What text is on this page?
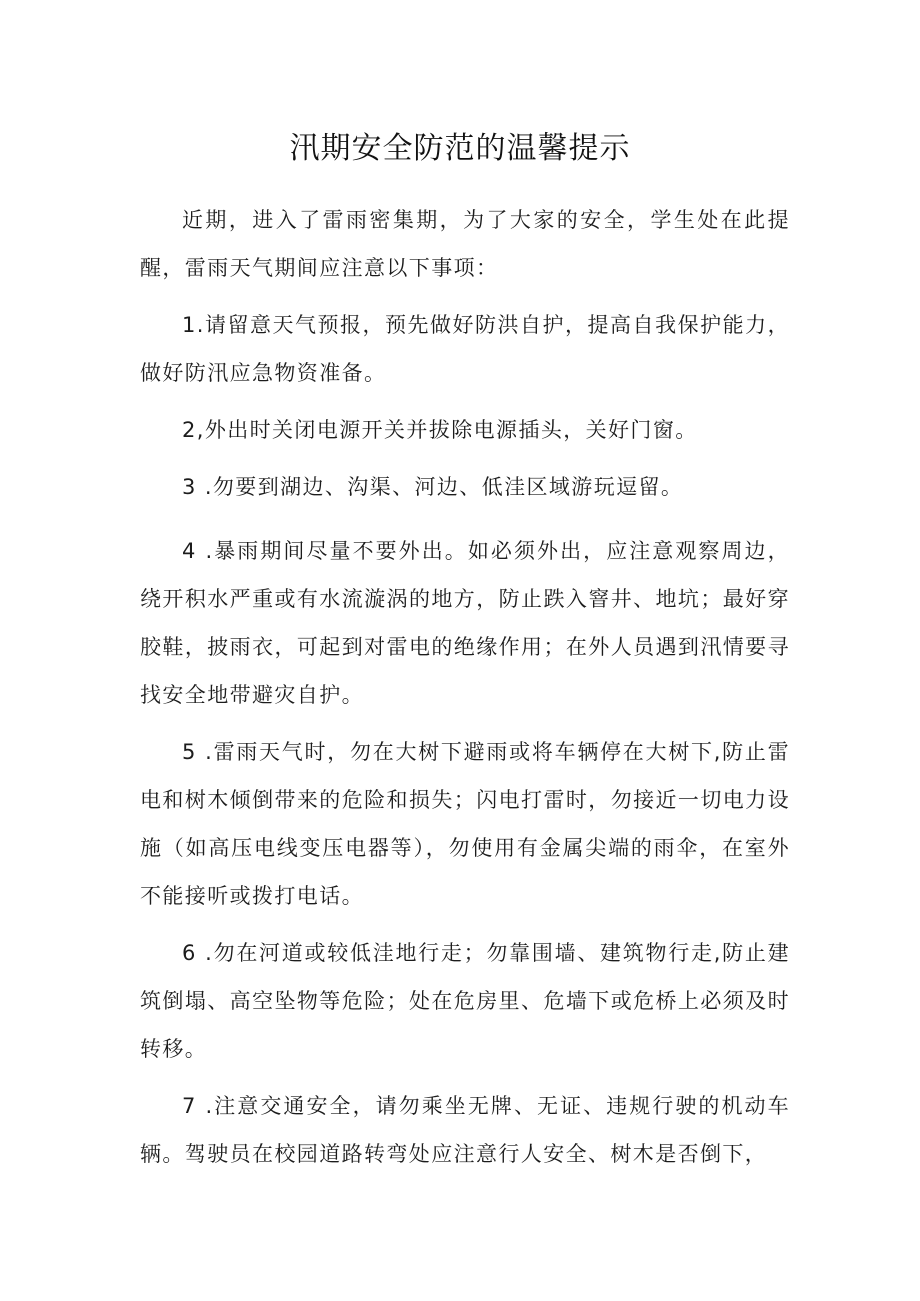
汛期安全防范的温馨提示

近期，进入了雷雨密集期，为了大家的安全，学生处在此提醒，雷雨天气期间应注意以下事项：

1.请留意天气预报，预先做好防洪自护，提高自我保护能力，做好防汛应急物资准备。

2,外出时关闭电源开关并拔除电源插头，关好门窗。

3 .勿要到湖边、沟渠、河边、低洼区域游玩逗留。

4 .暴雨期间尽量不要外出。如必须外出，应注意观察周边，绕开积水严重或有水流漩涡的地方，防止跌入窨井、地坑；最好穿胶鞋，披雨衣，可起到对雷电的绝缘作用；在外人员遇到汛情要寻找安全地带避灾自护。

5 .雷雨天气时，勿在大树下避雨或将车辆停在大树下,防止雷电和树木倾倒带来的危险和损失；闪电打雷时，勿接近一切电力设施（如高压电线变压电器等），勿使用有金属尖端的雨伞，在室外不能接听或拨打电话。

6 .勿在河道或较低洼地行走；勿靠围墙、建筑物行走,防止建筑倒塌、高空坠物等危险；处在危房里、危墙下或危桥上必须及时转移。

7 .注意交通安全，请勿乘坐无牌、无证、违规行驶的机动车辆。驾驶员在校园道路转弯处应注意行人安全、树木是否倒下，
